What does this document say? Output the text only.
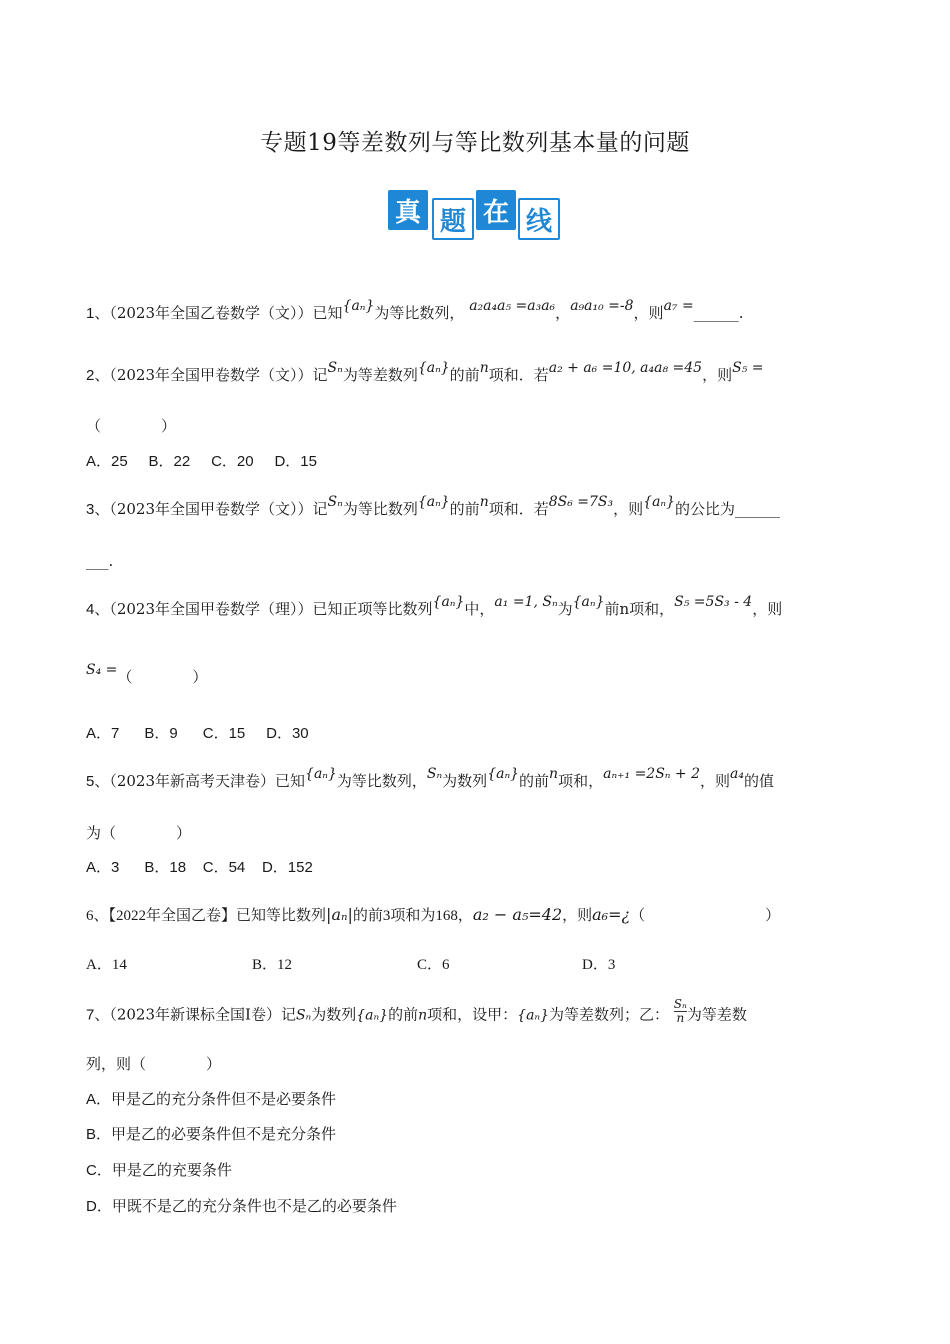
专题19等差数列与等比数列基本量的问题
真 题 在 线
1、（2023年全国乙卷数学（文））已知{aₙ}为等比数列， a₂a₄a₅ =a₃a₆，a₉a₁₀ =-8，则a₇ =______.
2、（2023年全国甲卷数学（文））记Sₙ为等差数列{aₙ}的前n项和．若a₂ + a₆ =10, a₄a₈ =45，则S₅ =
（　　　　）
A．25 B．22 C．20 D．15
3、（2023年全国甲卷数学（文））记Sₙ为等比数列{aₙ}的前n项和．若8S₆ =7S₃，则{aₙ}的公比为______
___.
4、（2023年全国甲卷数学（理））已知正项等比数列{aₙ}中，a₁ =1, Sₙ为{aₙ}前n项和，S₅ =5S₃ - 4，则
S₄ =（　　　　）
A．7 B．9 C．15 D．30
5、（2023年新高考天津卷）已知{aₙ}为等比数列，Sₙ为数列{aₙ}的前n项和，aₙ₊₁ =2Sₙ + 2，则a₄的值
为（　　　　）
A．3 B．18 C．54 D．152
6、【2022年全国乙卷】已知等比数列|aₙ|的前3项和为168，a₂ − a₅=42，则a₆=¿（　　　　　　　　）
A．14	B．12	C．6	D．3
7、（2023年新课标全国Ⅰ卷）记Sₙ为数列{aₙ}的前n项和，设甲：{aₙ}为等差数列；乙： $\frac{\text{Sₙ}}{n}$ 为等差数
列，则（　　　　）
A．甲是乙的充分条件但不是必要条件
B．甲是乙的必要条件但不是充分条件
C．甲是乙的充要条件
D．甲既不是乙的充分条件也不是乙的必要条件
